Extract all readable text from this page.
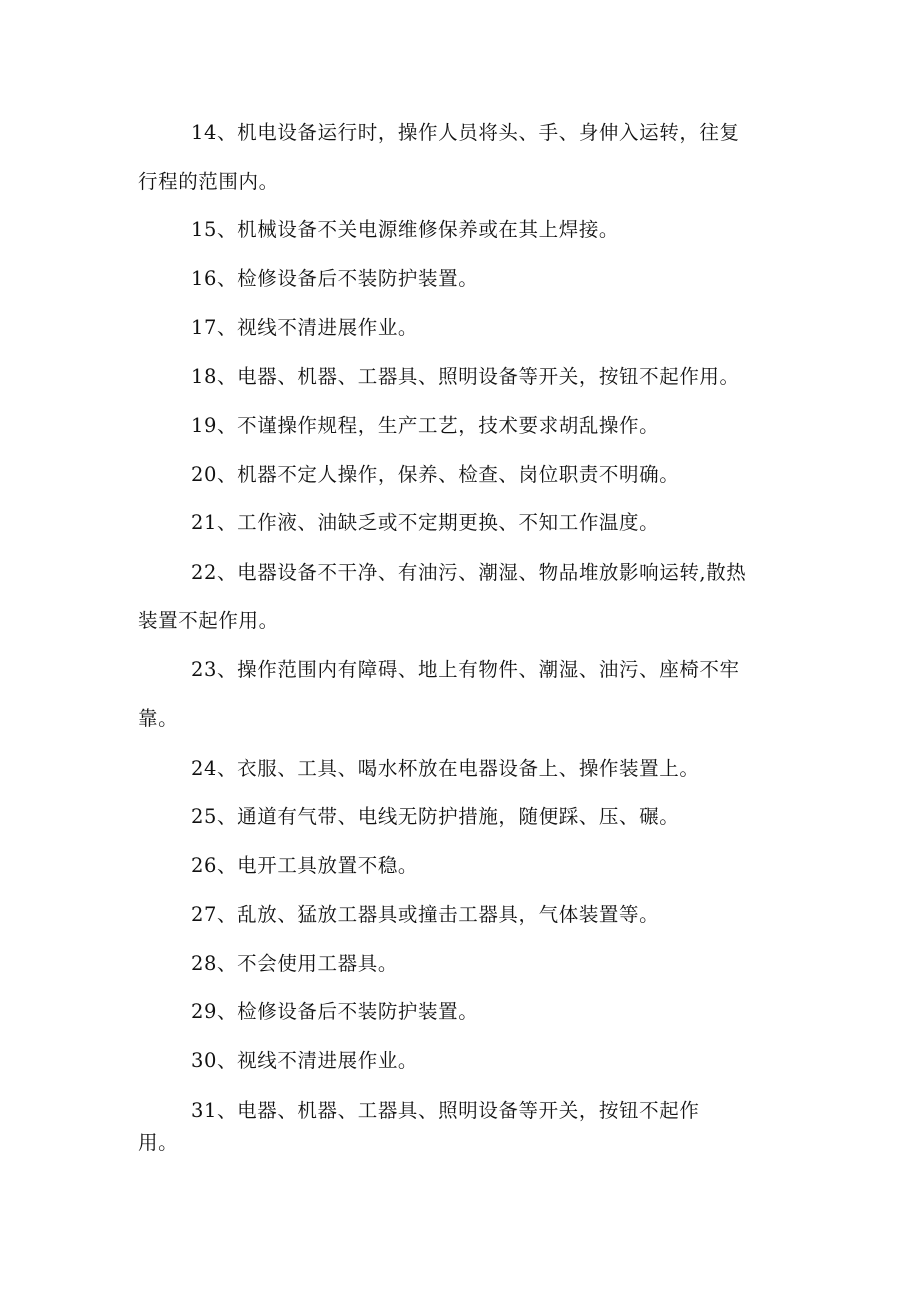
14、机电设备运行时，操作人员将头、手、身伸入运转，往复
行程的范围内。
15、机械设备不关电源维修保养或在其上焊接。
16、检修设备后不装防护装置。
17、视线不清进展作业。
18、电器、机器、工器具、照明设备等开关，按钮不起作用。
19、不谨操作规程，生产工艺，技术要求胡乱操作。
20、机器不定人操作，保养、检查、岗位职责不明确。
21、工作液、油缺乏或不定期更换、不知工作温度。
22、电器设备不干净、有油污、潮湿、物品堆放影响运转,散热
装置不起作用。
23、操作范围内有障碍、地上有物件、潮湿、油污、座椅不牢
靠。
24、衣服、工具、喝水杯放在电器设备上、操作装置上。
25、通道有气带、电线无防护措施，随便踩、压、碾。
26、电开工具放置不稳。
27、乱放、猛放工器具或撞击工器具，气体装置等。
28、不会使用工器具。
29、检修设备后不装防护装置。
30、视线不清进展作业。
31、电器、机器、工器具、照明设备等开关，按钮不起作
用。
